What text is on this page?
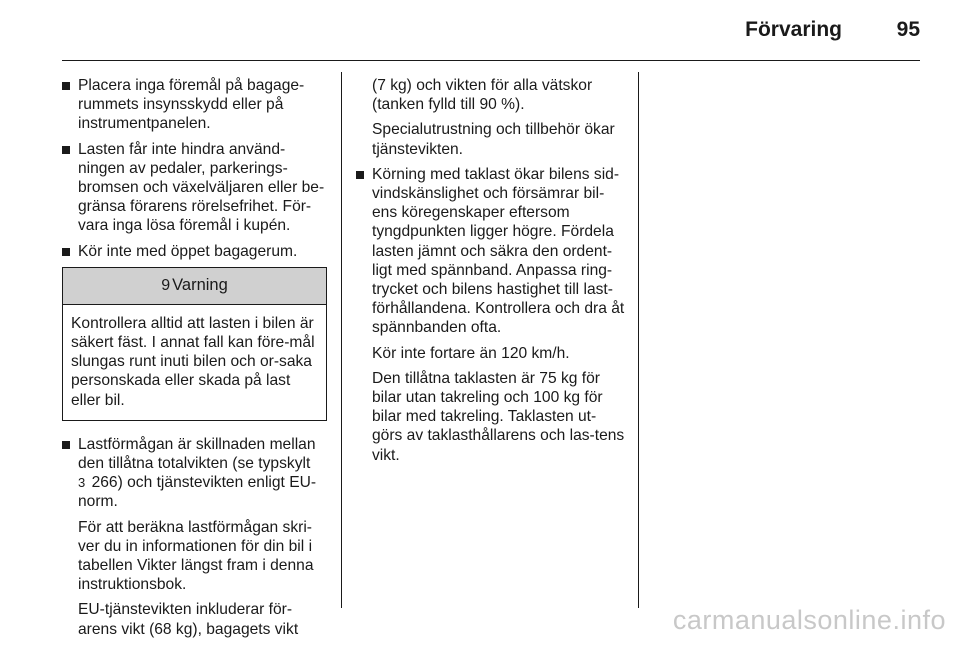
Förvaring	95
Placera inga föremål på bagage-rummets insynsskydd eller på instrumentpanelen.
Lasten får inte hindra använd-ningen av pedaler, parkerings-bromsen och växelväljaren eller be-gränsa förarens rörelsefrihet. För-vara inga lösa föremål i kupén.
Kör inte med öppet bagagerum.
9 Varning
Kontrollera alltid att lasten i bilen är säkert fäst. I annat fall kan före-mål slungas runt inuti bilen och or-saka personskada eller skada på last eller bil.
Lastförmågan är skillnaden mellan den tillåtna totalvikten (se typskylt
3 266) och tjänstevikten enligt EU-norm.
För att beräkna lastförmågan skri-ver du in informationen för din bil i tabellen Vikter längst fram i denna instruktionsbok.
EU-tjänstevikten inkluderar för-arens vikt (68 kg), bagagets vikt
(7 kg) och vikten för alla vätskor (tanken fylld till 90 %).
Specialutrustning och tillbehör ökar tjänstevikten.
Körning med taklast ökar bilens sid-vindskänslighet och försämrar bil-ens köregenskaper eftersom tyngdpunkten ligger högre. Fördela lasten jämnt och säkra den ordent-ligt med spännband. Anpassa ring-trycket och bilens hastighet till last-förhållandena. Kontrollera och dra åt spännbanden ofta.
Kör inte fortare än 120 km/h.
Den tillåtna taklasten är 75 kg för bilar utan takreling och 100 kg för bilar med takreling. Taklasten ut-görs av taklasthållarens och las-tens vikt.
carmanualsonline.info
